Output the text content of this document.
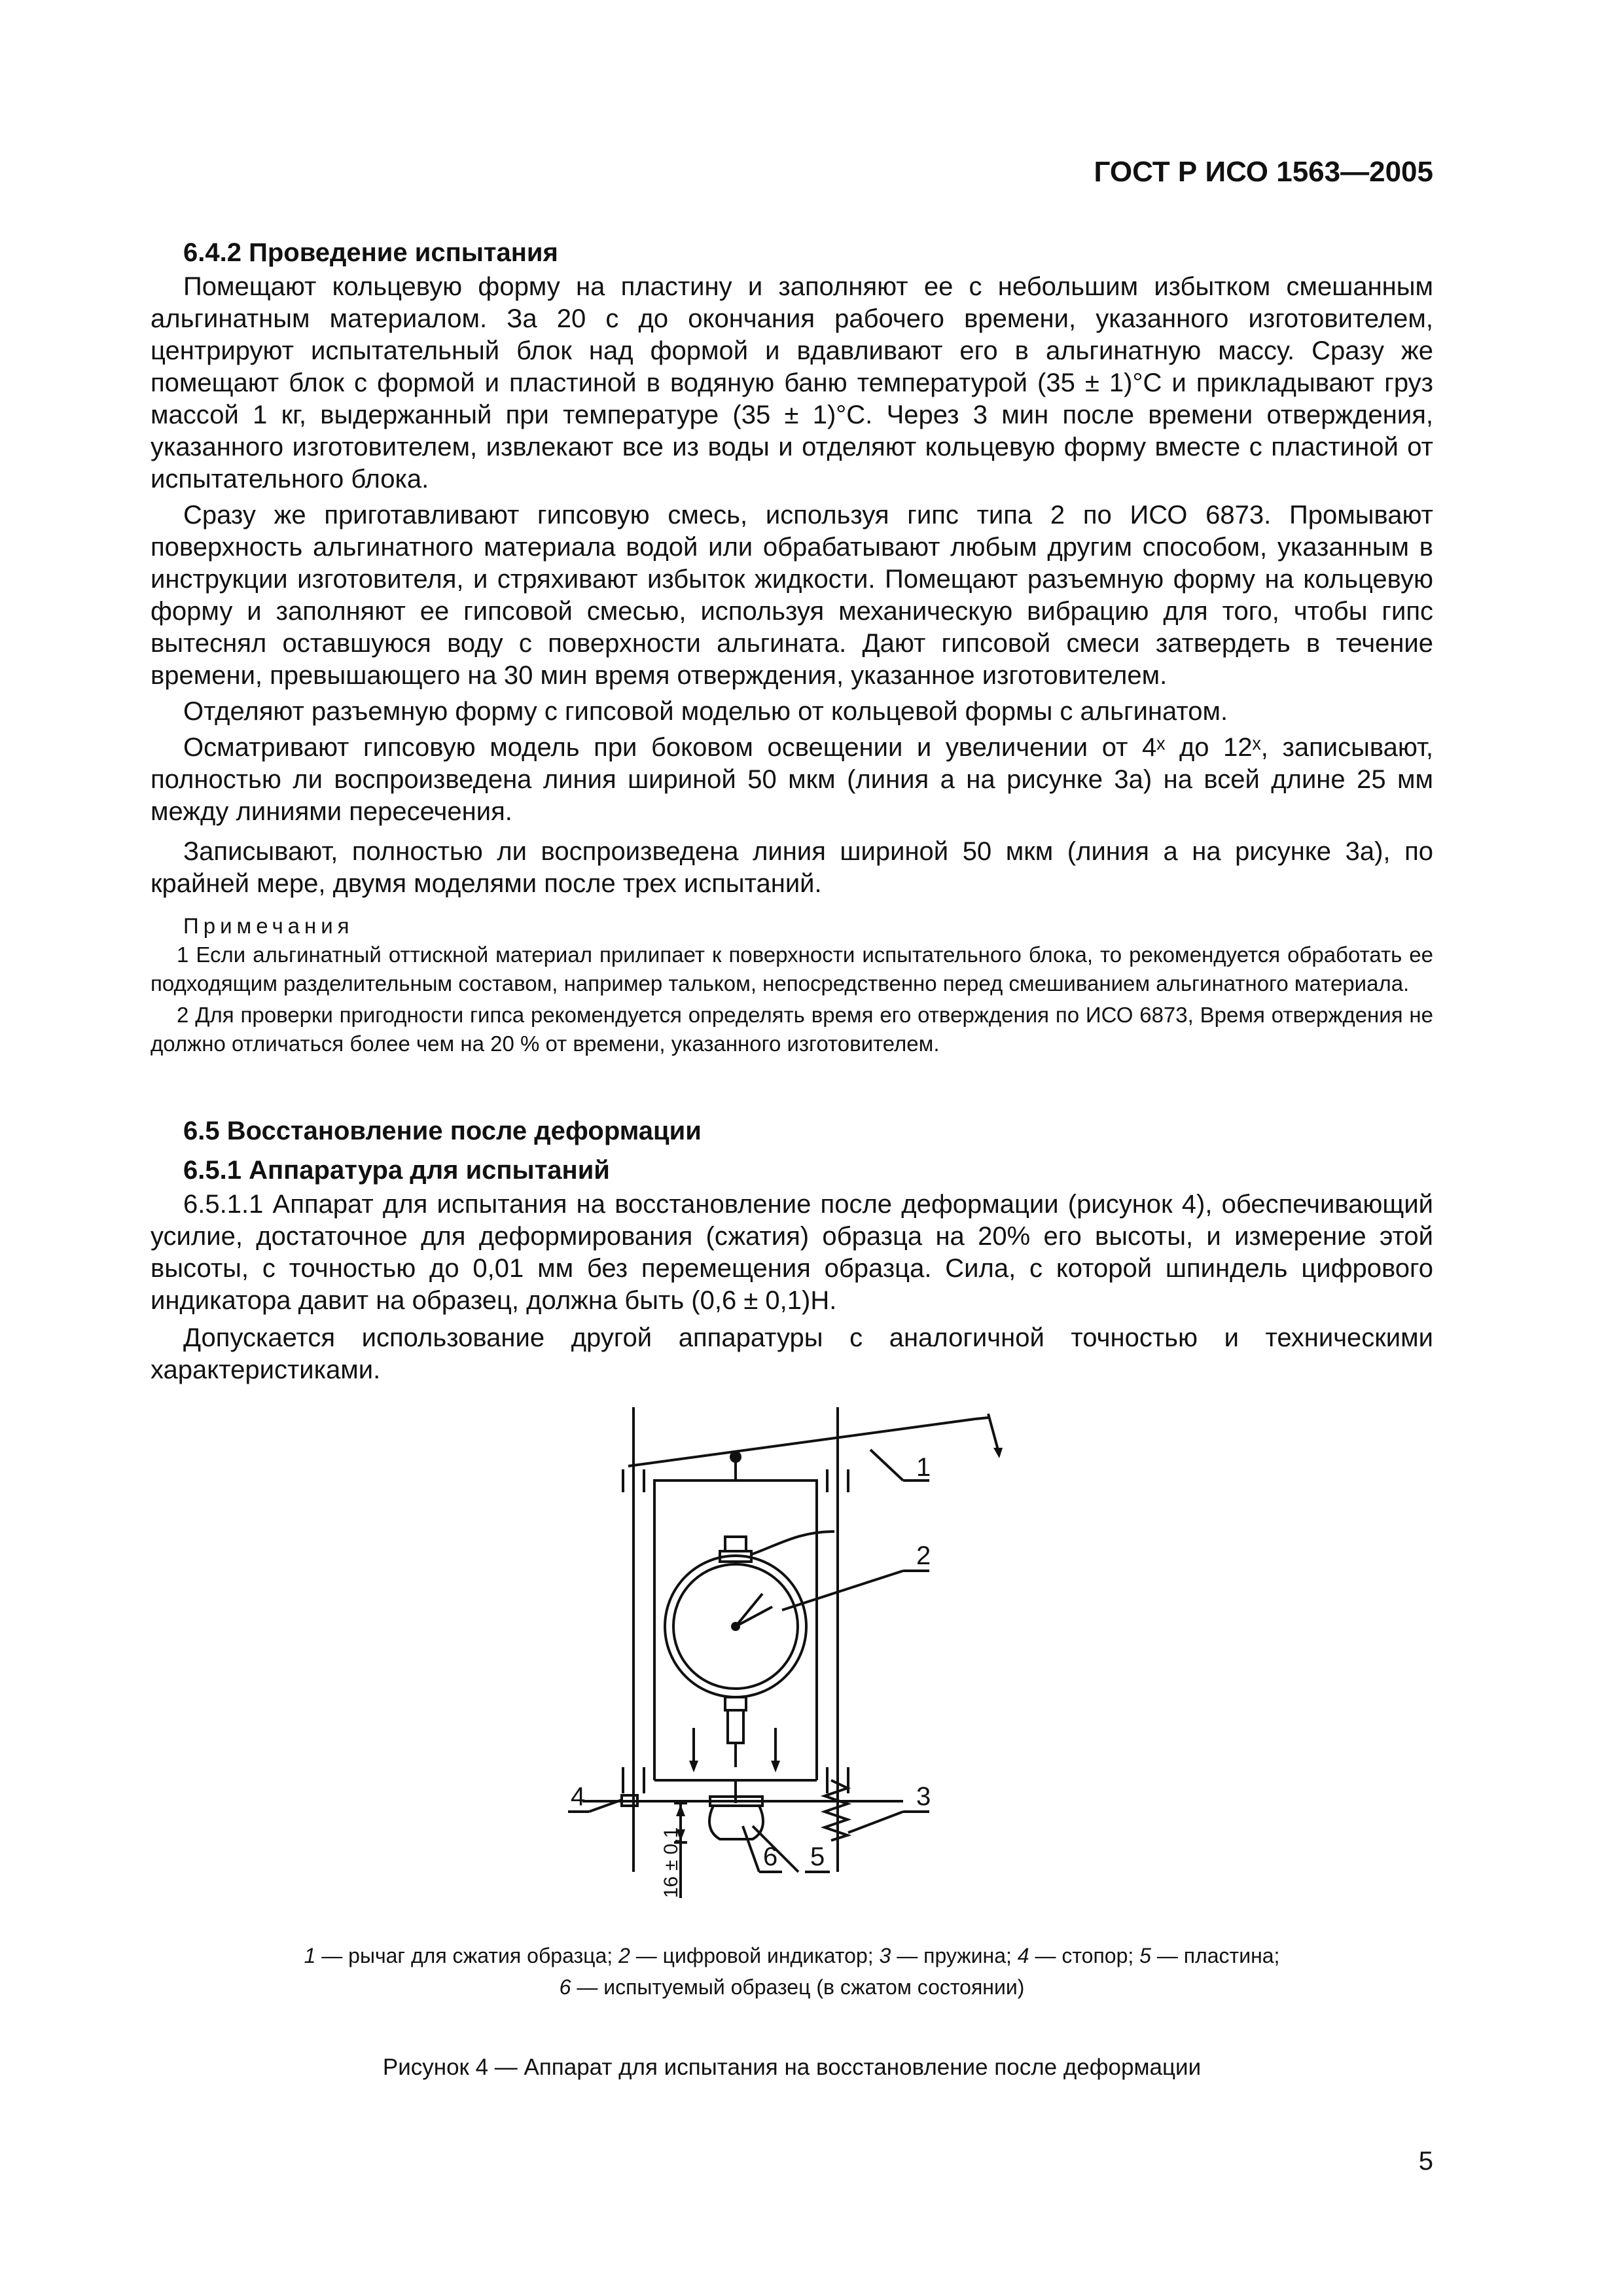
ГОСТ Р ИСО 1563—2005
6.4.2 Проведение испытания

Помещают кольцевую форму на пластину и заполняют ее с небольшим избытком смешанным альгинатным материалом. За 20 с до окончания рабочего времени, указанного изготовителем, центрируют испытательный блок над формой и вдавливают его в альгинатную массу. Сразу же помещают блок с формой и пластиной в водяную баню температурой (35 ± 1)°С и прикладывают груз массой 1 кг, выдержанный при температуре (35 ± 1)°С. Через 3 мин после времени отверждения, указанного изготовителем, извлекают все из воды и отделяют кольцевую форму вместе с пластиной от испытательного блока.

Сразу же приготавливают гипсовую смесь, используя гипс типа 2 по ИСО 6873. Промывают поверхность альгинатного материала водой или обрабатывают любым другим способом, указанным в инструкции изготовителя, и стряхивают избыток жидкости. Помещают разъемную форму на кольцевую форму и заполняют ее гипсовой смесью, используя механическую вибрацию для того, чтобы гипс вытеснял оставшуюся воду с поверхности альгината. Дают гипсовой смеси затвердеть в течение времени, превышающего на 30 мин время отверждения, указанное изготовителем.

Отделяют разъемную форму с гипсовой моделью от кольцевой формы с альгинатом.

Осматривают гипсовую модель при боковом освещении и увеличении от 4ˣ до 12ˣ, записывают, полностью ли воспроизведена линия шириной 50 мкм (линия а на рисунке 3а) на всей длине 25 мм между линиями пересечения.

Записывают, полностью ли воспроизведена линия шириной 50 мкм (линия а на рисунке 3а), по крайней мере, двумя моделями после трех испытаний.

Примечания

1 Если альгинатный оттискной материал прилипает к поверхности испытательного блока, то рекомендуется обработать ее подходящим разделительным составом, например тальком, непосредственно перед смешиванием альгинатного материала.

2 Для проверки пригодности гипса рекомендуется определять время его отверждения по ИСО 6873, Время отверждения не должно отличаться более чем на 20 % от времени, указанного изготовителем.

6.5 Восстановление после деформации
6.5.1 Аппаратура для испытаний

6.5.1.1 Аппарат для испытания на восстановление после деформации (рисунок 4), обеспечивающий усилие, достаточное для деформирования (сжатия) образца на 20% его высоты, и измерение этой высоты, с точностью до 0,01 мм без перемещения образца. Сила, с которой шпиндель цифрового индикатора давит на образец, должна быть (0,6 ± 0,1)Н.

Допускается использование другой аппаратуры с аналогичной точностью и техническими характеристиками.

1
2
3
4
5
6
16 ± 0,1
1 — рычаг для сжатия образца; 2 — цифровой индикатор; 3 — пружина; 4 — стопор; 5 — пластина;
6 — испытуемый образец (в сжатом состоянии)
Рисунок 4 — Аппарат для испытания на восстановление после деформации
5
